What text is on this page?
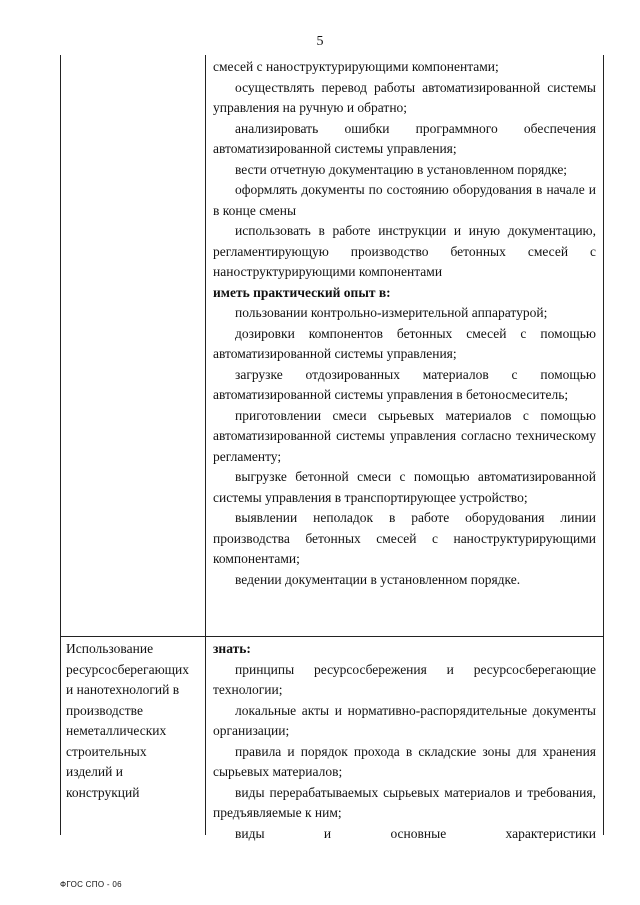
5

смесей с наноструктурирующими компонентами;

осуществлять перевод работы автоматизированной системы управления на ручную и обратно;

анализировать ошибки программного обеспечения автоматизированной системы управления;

вести отчетную документацию в установленном порядке;

оформлять документы по состоянию оборудования в начале и в конце смены

использовать в работе инструкции и иную документацию, регламентирующую производство бетонных смесей с наноструктурирующими компонентами

иметь практический опыт в:

пользовании контрольно-измерительной аппаратурой;

дозировки компонентов бетонных смесей с помощью автоматизированной системы управления;

загрузке отдозированных материалов с помощью автоматизированной системы управления в бетоносмеситель;

приготовлении смеси сырьевых материалов с помощью автоматизированной системы управления согласно техническому регламенту;

выгрузке бетонной смеси с помощью автоматизированной системы управления в транспортирующее устройство;

выявлении неполадок в работе оборудования линии производства бетонных смесей с наноструктурирующими компонентами;

ведении документации в установленном порядке.

Использование
ресурсосберегающих
и нанотехнологий в
производстве
неметаллических
строительных
изделий и
конструкций

знать:

принципы ресурсосбережения и ресурсосберегающие технологии;

локальные акты и нормативно-распорядительные документы организации;

правила и порядок прохода в складские зоны для хранения сырьевых материалов;

виды перерабатываемых сырьевых материалов и требования, предъявляемые к ним;

виды и основные характеристики

ФГОС СПО - 06
